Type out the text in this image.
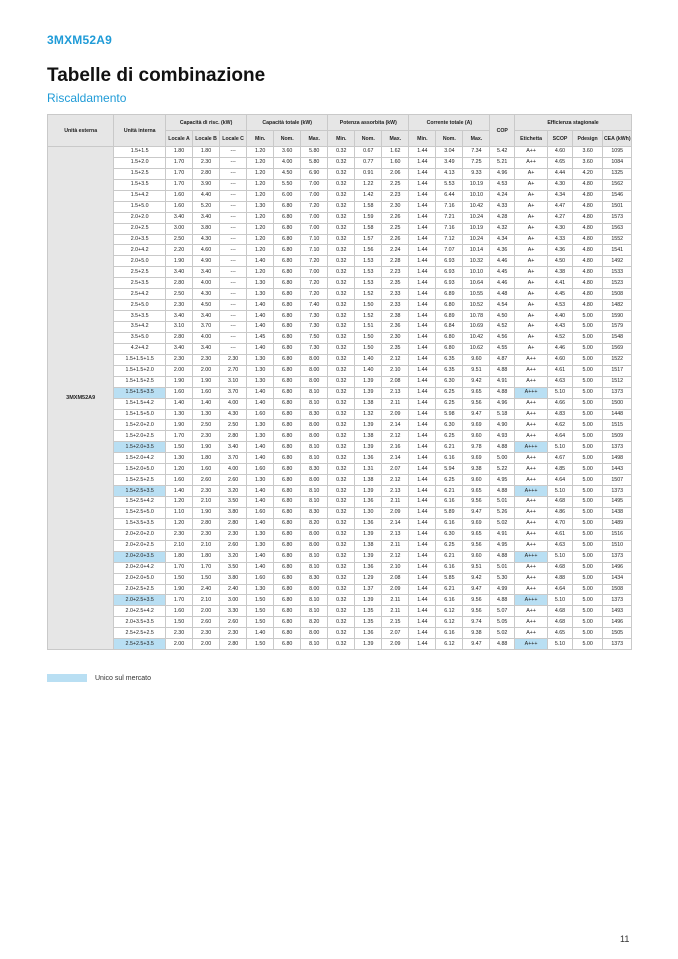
3MXM52A9
Tabelle di combinazione
Riscaldamento
Unità esterna	Unità interna	Capacità di risc. (kW)			Capacità totale (kW)			Potenza assorbita (kW)			Corrente totale (A)			COP	Efficienza stagionale			
		Locale A	Locale B	Locale C	Min.	Nom.	Max.	Min.	Nom.	Max.	Min.	Nom.	Max.		Etichetta	SCOP	Pdesign	CEA (kWh)
3MXM52A9	1.5+1.5	1.80	1.80	---	1.20	3.60	5.80	0.32	0.67	1.62	1.44	3.04	7.34	5.42	A++	4.60	3.60	1095
	1.5+2.0	1.70	2.30	---	1.20	4.00	5.80	0.32	0.77	1.60	1.44	3.49	7.25	5.21	A++	4.65	3.60	1084
	1.5+2.5	1.70	2.80	---	1.20	4.50	6.90	0.32	0.91	2.06	1.44	4.13	9.33	4.96	A+	4.44	4.20	1325
	1.5+3.5	1.70	3.90	---	1.20	5.50	7.00	0.32	1.22	2.25	1.44	5.53	10.19	4.53	A+	4.30	4.80	1562
	1.5+4.2	1.60	4.40	---	1.20	6.00	7.00	0.32	1.42	2.23	1.44	6.44	10.10	4.24	A+	4.34	4.80	1546
	1.5+5.0	1.60	5.20	---	1.30	6.80	7.20	0.32	1.58	2.30	1.44	7.16	10.42	4.33	A+	4.47	4.80	1501
	2.0+2.0	3.40	3.40	---	1.20	6.80	7.00	0.32	1.59	2.26	1.44	7.21	10.24	4.28	A+	4.27	4.80	1573
	2.0+2.5	3.00	3.80	---	1.20	6.80	7.00	0.32	1.58	2.25	1.44	7.16	10.19	4.32	A+	4.30	4.80	1563
	2.0+3.5	2.50	4.30	---	1.20	6.80	7.10	0.32	1.57	2.26	1.44	7.12	10.24	4.34	A+	4.33	4.80	1552
	2.0+4.2	2.20	4.60	---	1.20	6.80	7.10	0.32	1.56	2.24	1.44	7.07	10.14	4.36	A+	4.36	4.80	1541
	2.0+5.0	1.90	4.90	---	1.40	6.80	7.20	0.32	1.53	2.28	1.44	6.93	10.32	4.46	A+	4.50	4.80	1492
	2.5+2.5	3.40	3.40	---	1.20	6.80	7.00	0.32	1.53	2.23	1.44	6.93	10.10	4.45	A+	4.38	4.80	1533
	2.5+3.5	2.80	4.00	---	1.30	6.80	7.20	0.32	1.53	2.35	1.44	6.93	10.64	4.46	A+	4.41	4.80	1523
	2.5+4.2	2.50	4.30	---	1.30	6.80	7.20	0.32	1.52	2.33	1.44	6.89	10.55	4.48	A+	4.45	4.80	1508
	2.5+5.0	2.30	4.50	---	1.40	6.80	7.40	0.32	1.50	2.33	1.44	6.80	10.52	4.54	A+	4.53	4.80	1482
	3.5+3.5	3.40	3.40	---	1.40	6.80	7.30	0.32	1.52	2.38	1.44	6.89	10.78	4.50	A+	4.40	5.00	1590
	3.5+4.2	3.10	3.70	---	1.40	6.80	7.30	0.32	1.51	2.36	1.44	6.84	10.69	4.52	A+	4.43	5.00	1579
	3.5+5.0	2.80	4.00	---	1.45	6.80	7.50	0.32	1.50	2.30	1.44	6.80	10.42	4.56	A+	4.52	5.00	1548
	4.2+4.2	3.40	3.40	---	1.40	6.80	7.30	0.32	1.50	2.35	1.44	6.80	10.62	4.55	A+	4.46	5.00	1569
	1.5+1.5+1.5	2.30	2.30	2.30	1.30	6.80	8.00	0.32	1.40	2.12	1.44	6.35	9.60	4.87	A++	4.60	5.00	1522
	1.5+1.5+2.0	2.00	2.00	2.70	1.30	6.80	8.00	0.32	1.40	2.10	1.44	6.35	9.51	4.88	A++	4.61	5.00	1517
	1.5+1.5+2.5	1.90	1.90	3.10	1.30	6.80	8.00	0.32	1.39	2.08	1.44	6.30	9.42	4.91	A++	4.63	5.00	1512
	1.5+1.5+3.5	1.60	1.60	3.70	1.40	6.80	8.10	0.32	1.39	2.13	1.44	6.25	9.65	4.88	A+++	5.10	5.00	1373
	1.5+1.5+4.2	1.40	1.40	4.00	1.40	6.80	8.10	0.32	1.38	2.11	1.44	6.25	9.56	4.96	A++	4.66	5.00	1500
	1.5+1.5+5.0	1.30	1.30	4.30	1.60	6.80	8.30	0.32	1.32	2.09	1.44	5.98	9.47	5.18	A++	4.83	5.00	1448
	1.5+2.0+2.0	1.90	2.50	2.50	1.30	6.80	8.00	0.32	1.39	2.14	1.44	6.30	9.69	4.90	A++	4.62	5.00	1515
	1.5+2.0+2.5	1.70	2.30	2.80	1.30	6.80	8.00	0.32	1.38	2.12	1.44	6.25	9.60	4.93	A++	4.64	5.00	1509
	1.5+2.0+3.5	1.50	1.90	3.40	1.40	6.80	8.10	0.32	1.39	2.16	1.44	6.21	9.78	4.88	A+++	5.10	5.00	1373
	1.5+2.0+4.2	1.30	1.80	3.70	1.40	6.80	8.10	0.32	1.36	2.14	1.44	6.16	9.69	5.00	A++	4.67	5.00	1498
	1.5+2.0+5.0	1.20	1.60	4.00	1.60	6.80	8.30	0.32	1.31	2.07	1.44	5.94	9.38	5.22	A++	4.85	5.00	1443
	1.5+2.5+2.5	1.60	2.60	2.60	1.30	6.80	8.00	0.32	1.38	2.12	1.44	6.25	9.60	4.95	A++	4.64	5.00	1507
	1.5+2.5+3.5	1.40	2.30	3.20	1.40	6.80	8.10	0.32	1.39	2.13	1.44	6.21	9.65	4.88	A+++	5.10	5.00	1373
	1.5+2.5+4.2	1.20	2.10	3.50	1.40	6.80	8.10	0.32	1.36	2.11	1.44	6.16	9.56	5.01	A++	4.68	5.00	1495
	1.5+2.5+5.0	1.10	1.90	3.80	1.60	6.80	8.30	0.32	1.30	2.09	1.44	5.89	9.47	5.26	A++	4.86	5.00	1438
	1.5+3.5+3.5	1.20	2.80	2.80	1.40	6.80	8.20	0.32	1.36	2.14	1.44	6.16	9.69	5.02	A++	4.70	5.00	1489
	2.0+2.0+2.0	2.30	2.30	2.30	1.30	6.80	8.00	0.32	1.39	2.13	1.44	6.30	9.65	4.91	A++	4.61	5.00	1516
	2.0+2.0+2.5	2.10	2.10	2.60	1.30	6.80	8.00	0.32	1.38	2.11	1.44	6.25	9.56	4.95	A++	4.63	5.00	1510
	2.0+2.0+3.5	1.80	1.80	3.20	1.40	6.80	8.10	0.32	1.39	2.12	1.44	6.21	9.60	4.88	A+++	5.10	5.00	1373
	2.0+2.0+4.2	1.70	1.70	3.50	1.40	6.80	8.10	0.32	1.36	2.10	1.44	6.16	9.51	5.01	A++	4.68	5.00	1496
	2.0+2.0+5.0	1.50	1.50	3.80	1.60	6.80	8.30	0.32	1.29	2.08	1.44	5.85	9.42	5.30	A++	4.88	5.00	1434
	2.0+2.5+2.5	1.90	2.40	2.40	1.30	6.80	8.00	0.32	1.37	2.09	1.44	6.21	9.47	4.99	A++	4.64	5.00	1508
	2.0+2.5+3.5	1.70	2.10	3.00	1.50	6.80	8.10	0.32	1.39	2.11	1.44	6.16	9.56	4.88	A+++	5.10	5.00	1373
	2.0+2.5+4.2	1.60	2.00	3.30	1.50	6.80	8.10	0.32	1.35	2.11	1.44	6.12	9.56	5.07	A++	4.68	5.00	1493
	2.0+3.5+3.5	1.50	2.60	2.60	1.50	6.80	8.20	0.32	1.35	2.15	1.44	6.12	9.74	5.05	A++	4.68	5.00	1496
	2.5+2.5+2.5	2.30	2.30	2.30	1.40	6.80	8.00	0.32	1.36	2.07	1.44	6.16	9.38	5.02	A++	4.65	5.00	1505
	2.5+2.5+3.5	2.00	2.00	2.80	1.50	6.80	8.10	0.32	1.39	2.09	1.44	6.12	9.47	4.88	A+++	5.10	5.00	1373
Unico sul mercato
11
